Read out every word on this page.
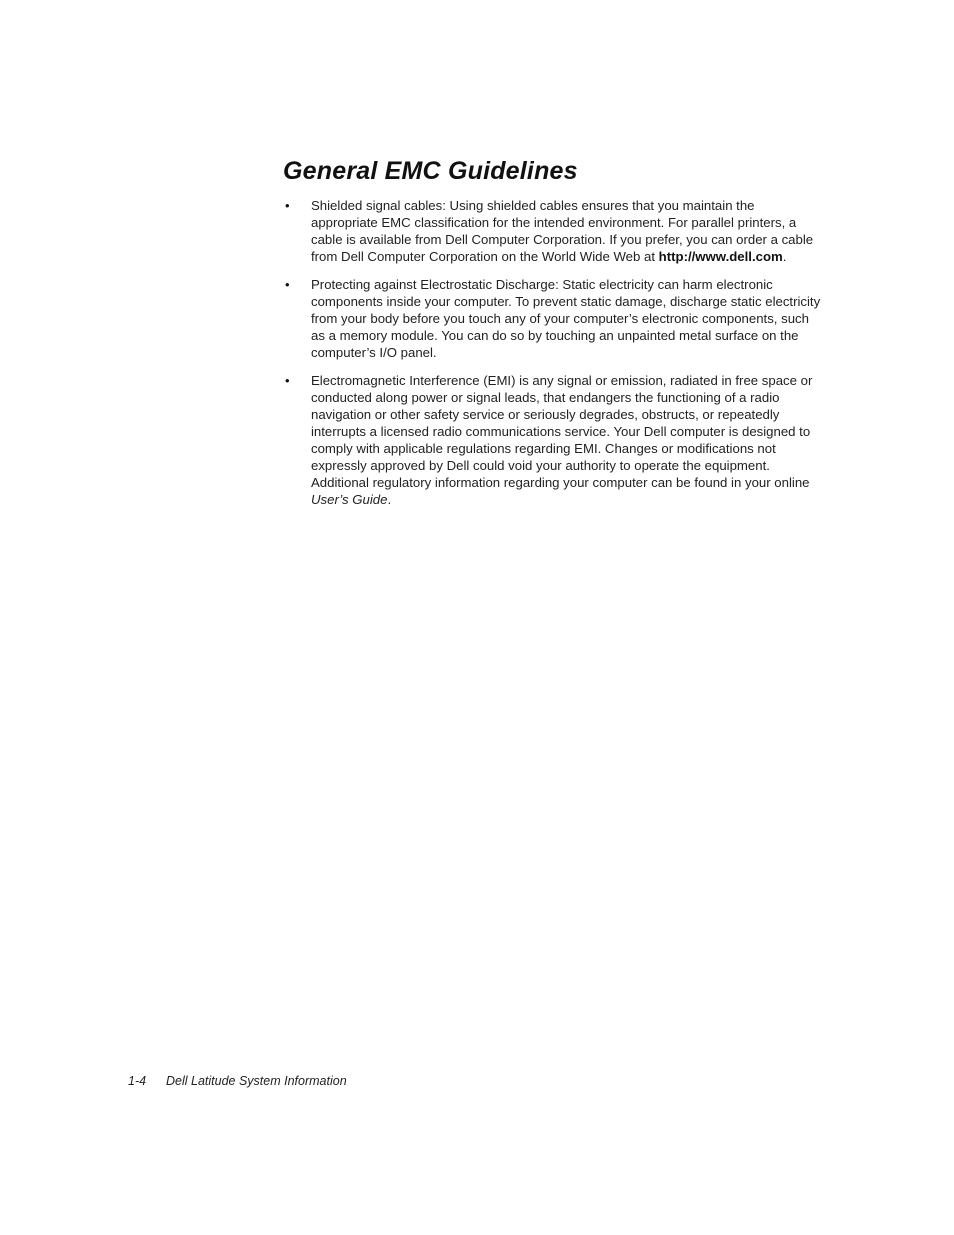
General EMC Guidelines
• Shielded signal cables: Using shielded cables ensures that you maintain the appropriate EMC classification for the intended environment. For parallel printers, a cable is available from Dell Computer Corporation. If you prefer, you can order a cable from Dell Computer Corporation on the World Wide Web at http://www.dell.com.
• Protecting against Electrostatic Discharge: Static electricity can harm electronic components inside your computer. To prevent static damage, discharge static electricity from your body before you touch any of your computer’s electronic components, such as a memory module. You can do so by touching an unpainted metal surface on the computer’s I/O panel.
• Electromagnetic Interference (EMI) is any signal or emission, radiated in free space or conducted along power or signal leads, that endangers the functioning of a radio navigation or other safety service or seriously degrades, obstructs, or repeatedly interrupts a licensed radio communications service. Your Dell computer is designed to comply with applicable regulations regarding EMI. Changes or modifications not expressly approved by Dell could void your authority to operate the equipment. Additional regulatory information regarding your computer can be found in your online User’s Guide.
1-4 Dell Latitude System Information
